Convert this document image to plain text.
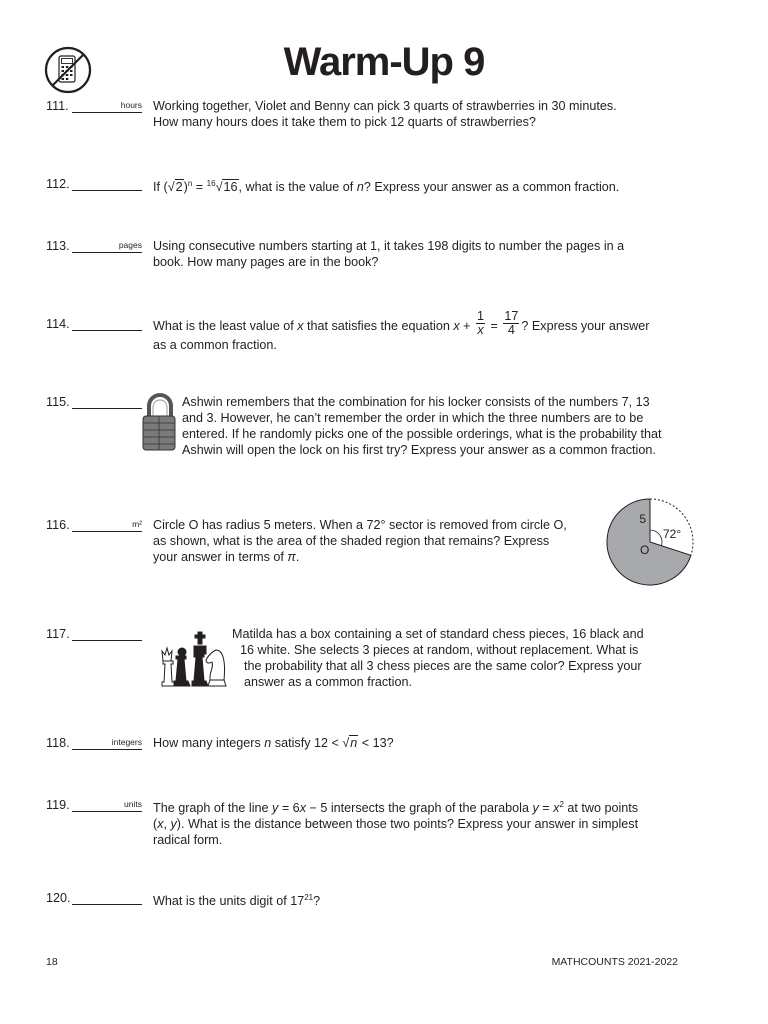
Warm-Up 9
111.	hours Working together, Violet and Benny can pick 3 quarts of strawberries in 30 minutes.
How many hours does it take them to pick 12 quarts of strawberries?
112.	If $(√2)^n = ^{16}√16$, what is the value of n? Express your answer as a common fraction.
113.	pages Using consecutive numbers starting at 1, it takes 198 digits to number the pages in a
book. How many pages are in the book?
114.	What is the least value of x that satisfies the equation $x + \frac{1}{x} = \frac{17}{4}$ ? Express your answer
as a common fraction.
115.	Ashwin remembers that the combination for his locker consists of the numbers 7, 13
and 3. However, he can’t remember the order in which the three numbers are to be
entered. If he randomly picks one of the possible orderings, what is the probability that
Ashwin will open the lock on his first try? Express your answer as a common fraction.
116.	m² Circle O has radius 5 meters. When a 72° sector is removed from circle O,
as shown, what is the area of the shaded region that remains? Express
your answer in terms of π.
5
72°
O
117.	Matilda has a box containing a set of standard chess pieces, 16 black and
16 white. She selects 3 pieces at random, without replacement. What is
the probability that all 3 chess pieces are the same color? Express your
answer as a common fraction.
118.	integers How many integers n satisfy 12 < √n < 13?
119.	units The graph of the line y = 6x − 5 intersects the graph of the parabola $y = x^2$ at two points
(x, y). What is the distance between those two points? Express your answer in simplest
radical form.
120.	What is the units digit of $17^{21}$?
18	MATHCOUNTS 2021-2022
